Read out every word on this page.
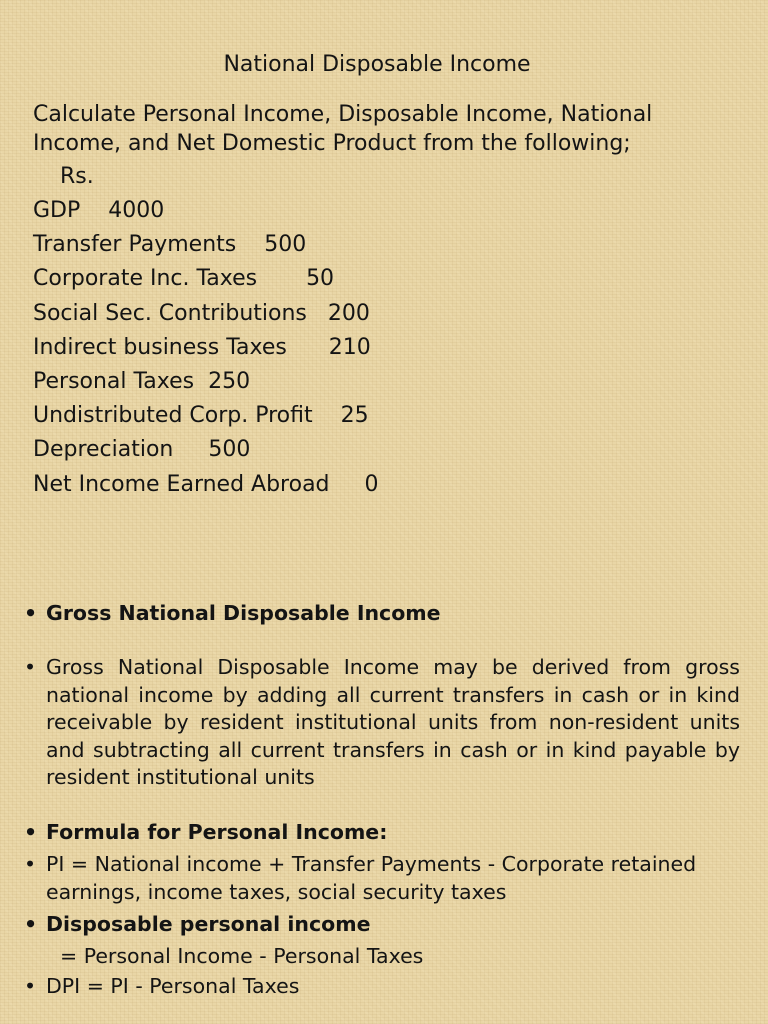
National Disposable Income

Calculate Personal Income, Disposable Income, National Income, and Net Domestic Product from the following;

Rs.
GDP 4000
Transfer Payments 500
Corporate Inc. Taxes 50
Social Sec. Contributions 200
Indirect business Taxes 210
Personal Taxes 250
Undistributed Corp. Profit 25
Depreciation 500
Net Income Earned Abroad 0
• Gross National Disposable Income
• Gross National Disposable Income may be derived from gross national income by adding all current transfers in cash or in kind receivable by resident institutional units from non-resident units and subtracting all current transfers in cash or in kind payable by resident institutional units
• Formula for Personal Income:
• PI = National income + Transfer Payments - Corporate retained earnings, income taxes, social security taxes
• Disposable personal income
= Personal Income - Personal Taxes
• DPI = PI - Personal Taxes
